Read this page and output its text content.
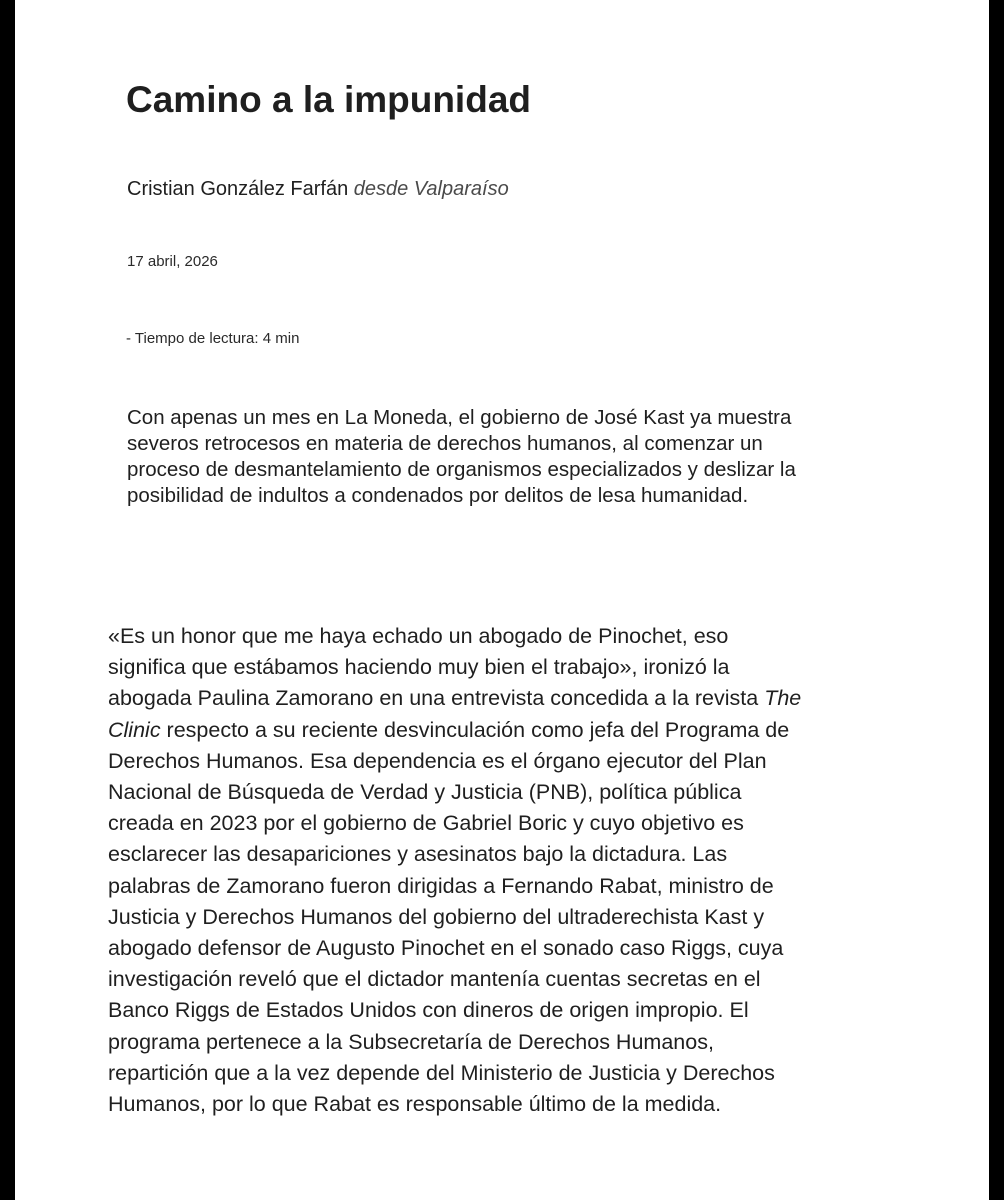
Camino a la impunidad
Cristian González Farfán desde Valparaíso
17 abril, 2026
- Tiempo de lectura: 4 min

Con apenas un mes en La Moneda, el gobierno de José Kast ya muestra
severos retrocesos en materia de derechos humanos, al comenzar un
proceso de desmantelamiento de organismos especializados y deslizar la
posibilidad de indultos a condenados por delitos de lesa humanidad.

«Es un honor que me haya echado un abogado de Pinochet, eso
significa que estábamos haciendo muy bien el trabajo», ironizó la
abogada Paulina Zamorano en una entrevista concedida a la revista The
Clinic respecto a su reciente desvinculación como jefa del Programa de
Derechos Humanos. Esa dependencia es el órgano ejecutor del Plan
Nacional de Búsqueda de Verdad y Justicia (PNB), política pública
creada en 2023 por el gobierno de Gabriel Boric y cuyo objetivo es
esclarecer las desapariciones y asesinatos bajo la dictadura. Las
palabras de Zamorano fueron dirigidas a Fernando Rabat, ministro de
Justicia y Derechos Humanos del gobierno del ultraderechista Kast y
abogado defensor de Augusto Pinochet en el sonado caso Riggs, cuya
investigación reveló que el dictador mantenía cuentas secretas en el
Banco Riggs de Estados Unidos con dineros de origen impropio. El
programa pertenece a la Subsecretaría de Derechos Humanos,
repartición que a la vez depende del Ministerio de Justicia y Derechos
Humanos, por lo que Rabat es responsable último de la medida.
